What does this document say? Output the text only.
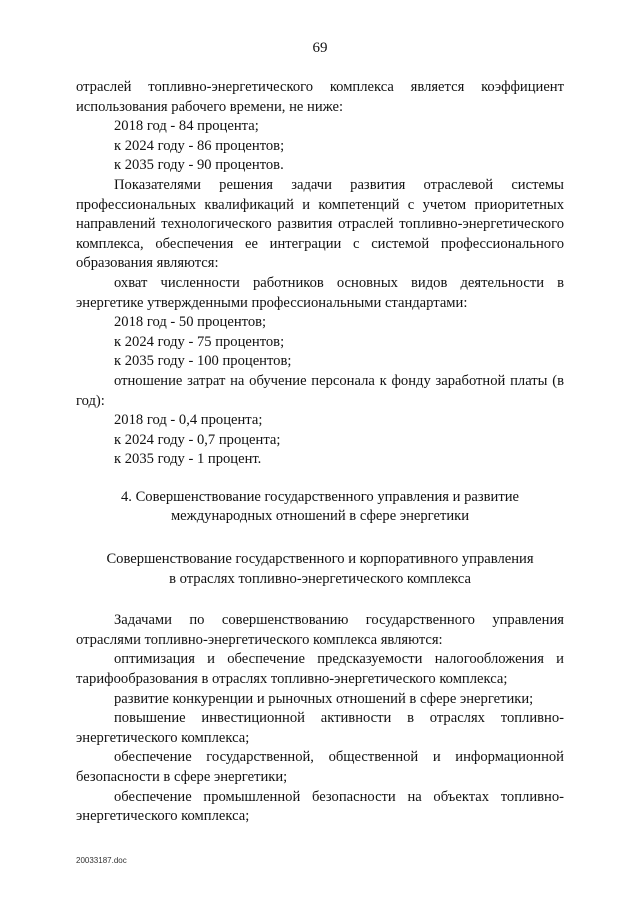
69

отраслей топливно-энергетического комплекса является коэффициент использования рабочего времени, не ниже:

2018 год - 84 процента;

к 2024 году - 86 процентов;

к 2035 году - 90 процентов.

Показателями решения задачи развития отраслевой системы профессиональных квалификаций и компетенций с учетом приоритетных направлений технологического развития отраслей топливно-энергетического комплекса, обеспечения ее интеграции с системой профессионального образования являются:

охват численности работников основных видов деятельности в энергетике утвержденными профессиональными стандартами:

2018 год - 50 процентов;

к 2024 году - 75 процентов;

к 2035 году - 100 процентов;

отношение затрат на обучение персонала к фонду заработной платы (в год):

2018 год - 0,4 процента;

к 2024 году - 0,7 процента;

к 2035 году - 1 процент.

4. Совершенствование государственного управления и развитие
международных отношений в сфере энергетики
Совершенствование государственного и корпоративного управления
в отраслях топливно-энергетического комплекса

Задачами по совершенствованию государственного управления отраслями топливно-энергетического комплекса являются:

оптимизация и обеспечение предсказуемости налогообложения и тарифообразования в отраслях топливно-энергетического комплекса;

развитие конкуренции и рыночных отношений в сфере энергетики;

повышение инвестиционной активности в отраслях топливно-энергетического комплекса;

обеспечение государственной, общественной и информационной безопасности в сфере энергетики;

обеспечение промышленной безопасности на объектах топливно-энергетического комплекса;

20033187.doc
